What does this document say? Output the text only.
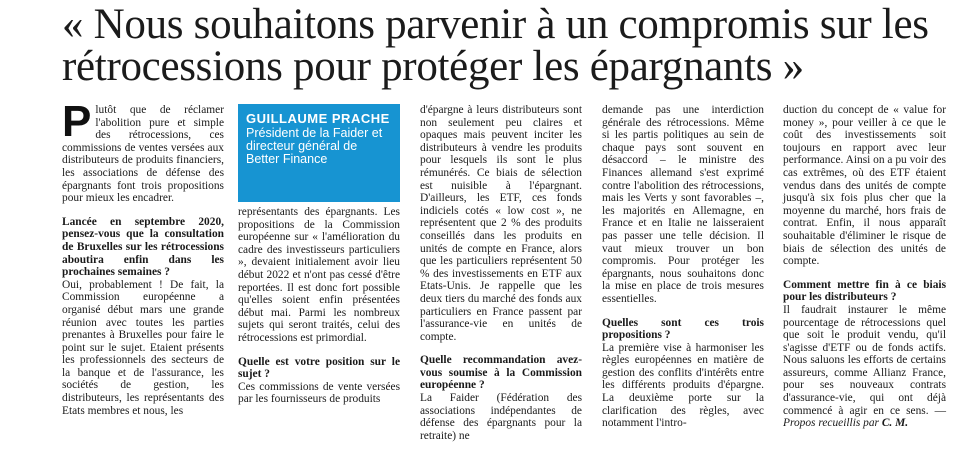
« Nous souhaitons parvenir à un compromis sur les rétrocessions pour protéger les épargnants »

Plutôt que de réclamer l'abolition pure et simple des rétrocessions, ces commissions de ventes versées aux distributeurs de produits financiers, les associations de défense des épargnants font trois propositions pour mieux les encadrer.

Lancée en septembre 2020, pensez-vous que la consultation de Bruxelles sur les rétrocessions aboutira enfin dans les prochaines semaines ?

Oui, probablement ! De fait, la Commission européenne a organisé début mars une grande réunion avec toutes les parties prenantes à Bruxelles pour faire le point sur le sujet. Etaient présents les professionnels des secteurs de la banque et de l'assurance, les sociétés de gestion, les distributeurs, les représentants des Etats membres et nous, les

GUILLAUME PRACHE
Président de la Faider et directeur général de Better Finance

représentants des épargnants. Les propositions de la Commission européenne sur « l'amélioration du cadre des investisseurs particuliers », devaient initialement avoir lieu début 2022 et n'ont pas cessé d'être reportées. Il est donc fort possible qu'elles soient enfin présentées début mai. Parmi les nombreux sujets qui seront traités, celui des rétrocessions est primordial.

Quelle est votre position sur le sujet ?

Ces commissions de vente versées par les fournisseurs de produits

d'épargne à leurs distributeurs sont non seulement peu claires et opaques mais peuvent inciter les distributeurs à vendre les produits pour lesquels ils sont le plus rémunérés. Ce biais de sélection est nuisible à l'épargnant. D'ailleurs, les ETF, ces fonds indiciels cotés « low cost », ne représentent que 2 % des produits conseillés dans les produits en unités de compte en France, alors que les particuliers représentent 50 % des investissements en ETF aux Etats-Unis. Je rappelle que les deux tiers du marché des fonds aux particuliers en France passent par l'assurance-vie en unités de compte.

Quelle recommandation avez-vous soumise à la Commission européenne ?

La Faider (Fédération des associations indépendantes de défense des épargnants pour la retraite) ne

demande pas une interdiction générale des rétrocessions. Même si les partis politiques au sein de chaque pays sont souvent en désaccord – le ministre des Finances allemand s'est exprimé contre l'abolition des rétrocessions, mais les Verts y sont favorables –, les majorités en Allemagne, en France et en Italie ne laisseraient pas passer une telle décision. Il vaut mieux trouver un bon compromis. Pour protéger les épargnants, nous souhaitons donc la mise en place de trois mesures essentielles.

Quelles sont ces trois propositions ?

La première vise à harmoniser les règles européennes en matière de gestion des conflits d'intérêts entre les différents produits d'épargne. La deuxième porte sur la clarification des règles, avec notamment l'intro-

duction du concept de « value for money », pour veiller à ce que le coût des investissements soit toujours en rapport avec leur performance. Ainsi on a pu voir des cas extrêmes, où des ETF étaient vendus dans des unités de compte jusqu'à six fois plus cher que la moyenne du marché, hors frais de contrat. Enfin, il nous apparaît souhaitable d'éliminer le risque de biais de sélection des unités de compte.

Comment mettre fin à ce biais pour les distributeurs ?

Il faudrait instaurer le même pourcentage de rétrocessions quel que soit le produit vendu, qu'il s'agisse d'ETF ou de fonds actifs. Nous saluons les efforts de certains assureurs, comme Allianz France, pour ses nouveaux contrats d'assurance-vie, qui ont déjà commencé à agir en ce sens. — Propos recueillis par C. M.
